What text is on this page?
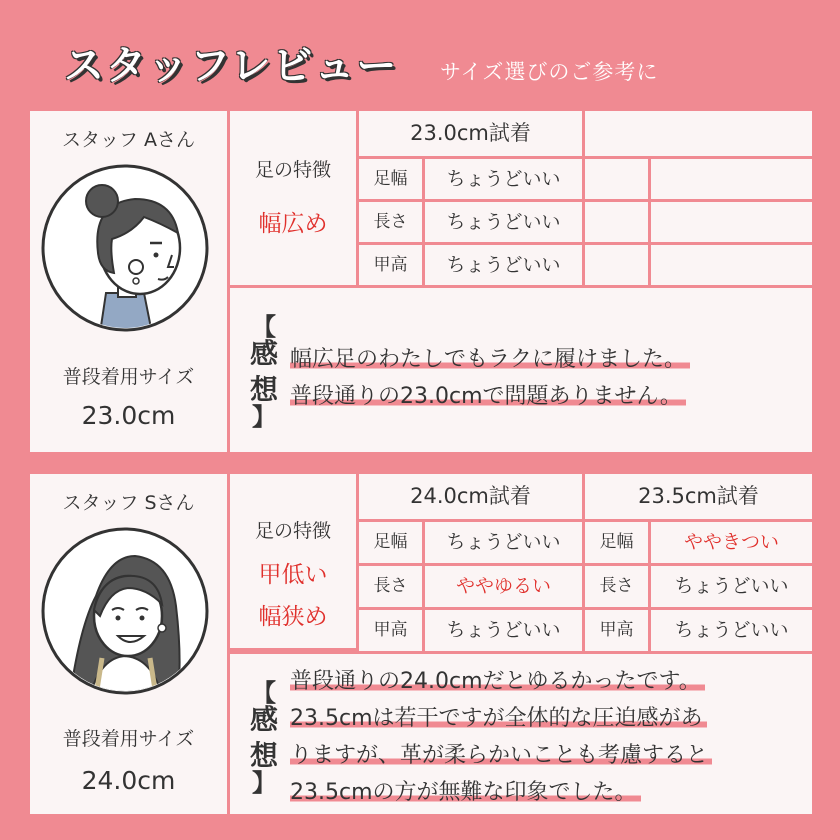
スタッフレビュー サイズ選びのご参考に
スタッフ Aさん
普段着用サイズ
23.0cm
足の特徴
幅広め
23.0cm試着
足幅	ちょうどいい
長さ	ちょうどいい
甲高	ちょうどいい
【
感想
】
幅広足のわたしでもラクに履けました。
普段通りの23.0cmで問題ありません。
スタッフ Sさん
普段着用サイズ
24.0cm
足の特徴
甲低い
幅狭め
24.0cm試着	23.5cm試着
足幅	ちょうどいい	足幅	ややきつい
長さ	ややゆるい	長さ	ちょうどいい
甲高	ちょうどいい	甲高	ちょうどいい
【
感想
】
普段通りの24.0cmだとゆるかったです。
23.5cmは若干ですが全体的な圧迫感があ
りますが、革が柔らかいことも考慮すると
23.5cmの方が無難な印象でした。
